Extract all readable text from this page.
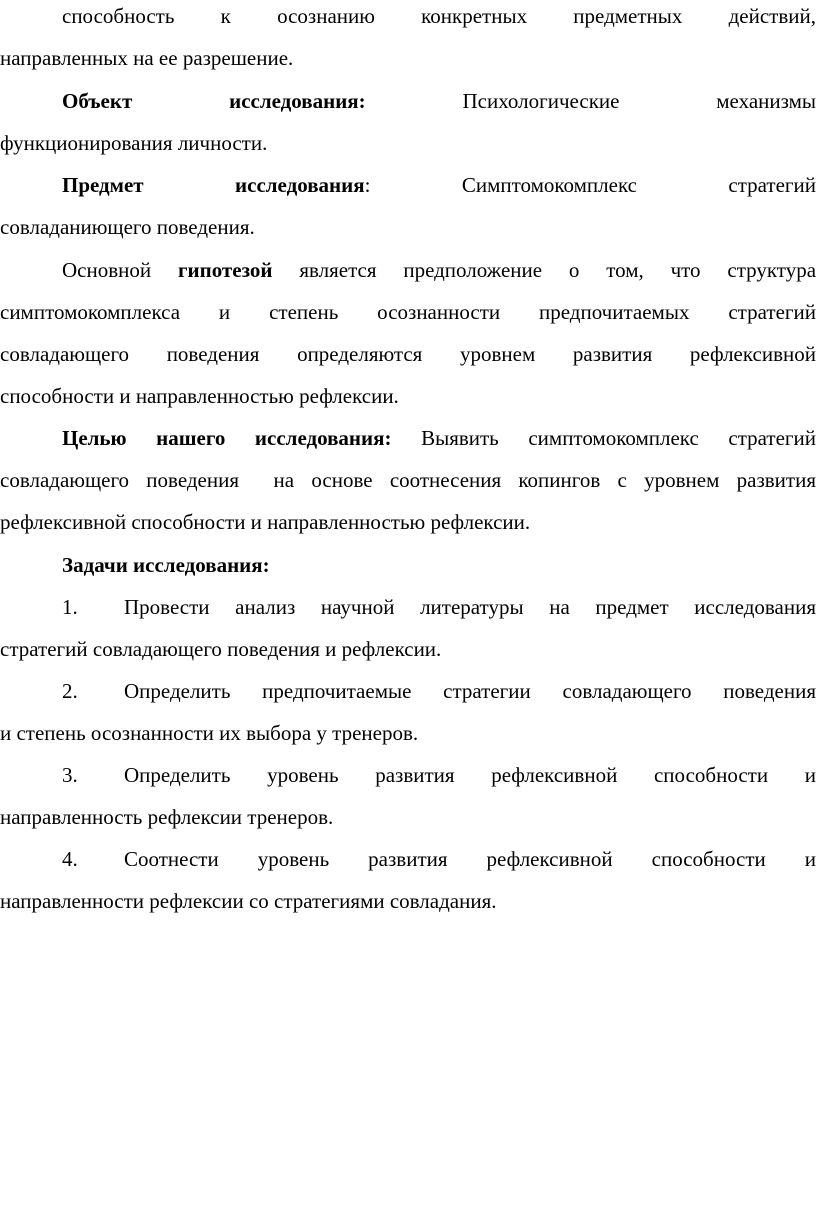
способность к осознанию конкретных предметных действий,
направленных на ее разрешение.
Объект исследования:	Психологические механизмы
функционирования личности.
Предмет исследования:	Симптомокомплекс стратегий
совладаниющего поведения.
Основной гипотезой является предположение о том, что структура
симптомокомплекса и степень осознанности предпочитаемых стратегий
совладающего поведения определяются уровнем развития рефлексивной
способности и направленностью рефлексии.
Целью нашего исследования: Выявить симптомокомплекс стратегий
совладающего поведения  на основе соотнесения копингов с уровнем развития
рефлексивной способности и направленностью рефлексии.
Задачи исследования:
1.	Провести анализ научной литературы на предмет исследования
стратегий совладающего поведения и рефлексии.
2.	Определить предпочитаемые стратегии совладающего поведения
и степень осознанности их выбора у тренеров.
3.	Определить уровень развития рефлексивной способности и
направленность рефлексии тренеров.
4.	Соотнести уровень развития рефлексивной способности и
направленности рефлексии со стратегиями совладания.
